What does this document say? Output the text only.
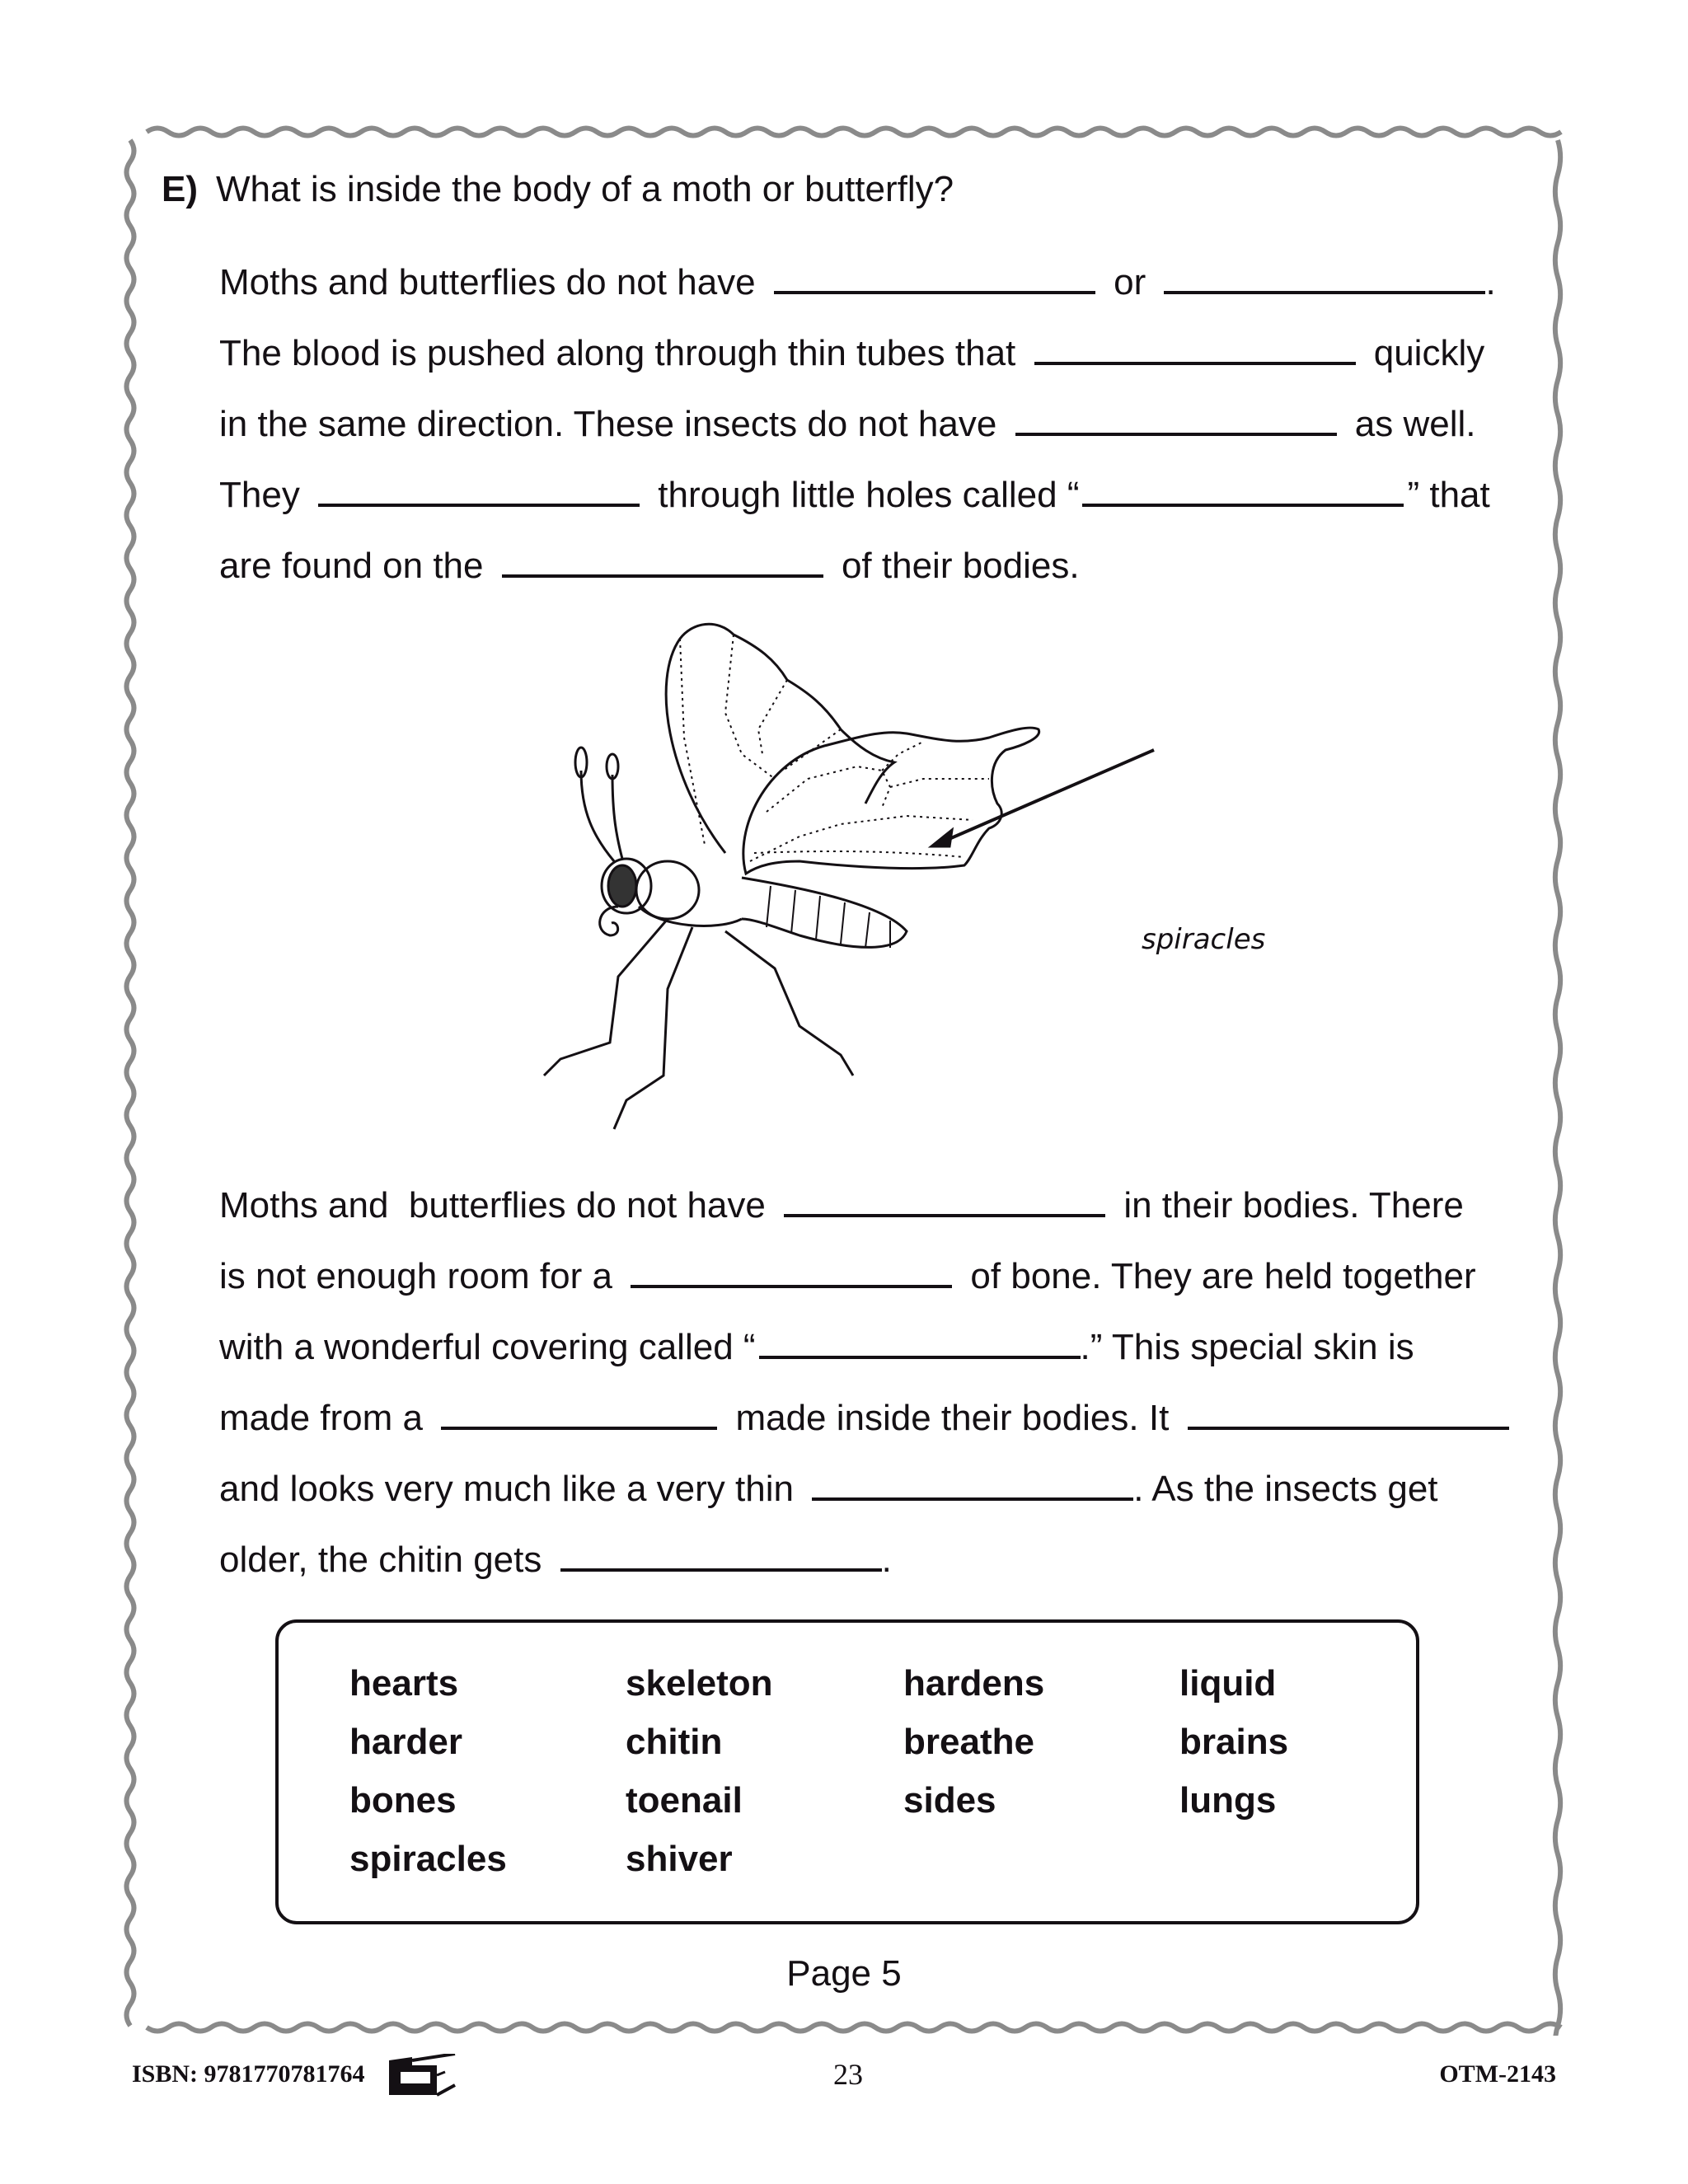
E) What is inside the body of a moth or butterfly?
Moths and butterflies do not have	or	.
The blood is pushed along through thin tubes that	quickly
in the same direction. These insects do not have	as well.
They	through little holes called “	” that
are found on the	of their bodies.
spiracles
Moths and  butterflies do not have	in their bodies. There
is not enough room for a	of bone. They are held together
with a wonderful covering called “	.” This special skin is
made from a	made inside their bodies. It
and looks very much like a very thin	. As the insects get
older, the chitin gets	.
hearts	skeleton	hardens	liquid
harder	chitin	breathe	brains
bones	toenail	sides	lungs
spiracles	shiver
Page 5
ISBN: 9781770781764	23	OTM-2143
